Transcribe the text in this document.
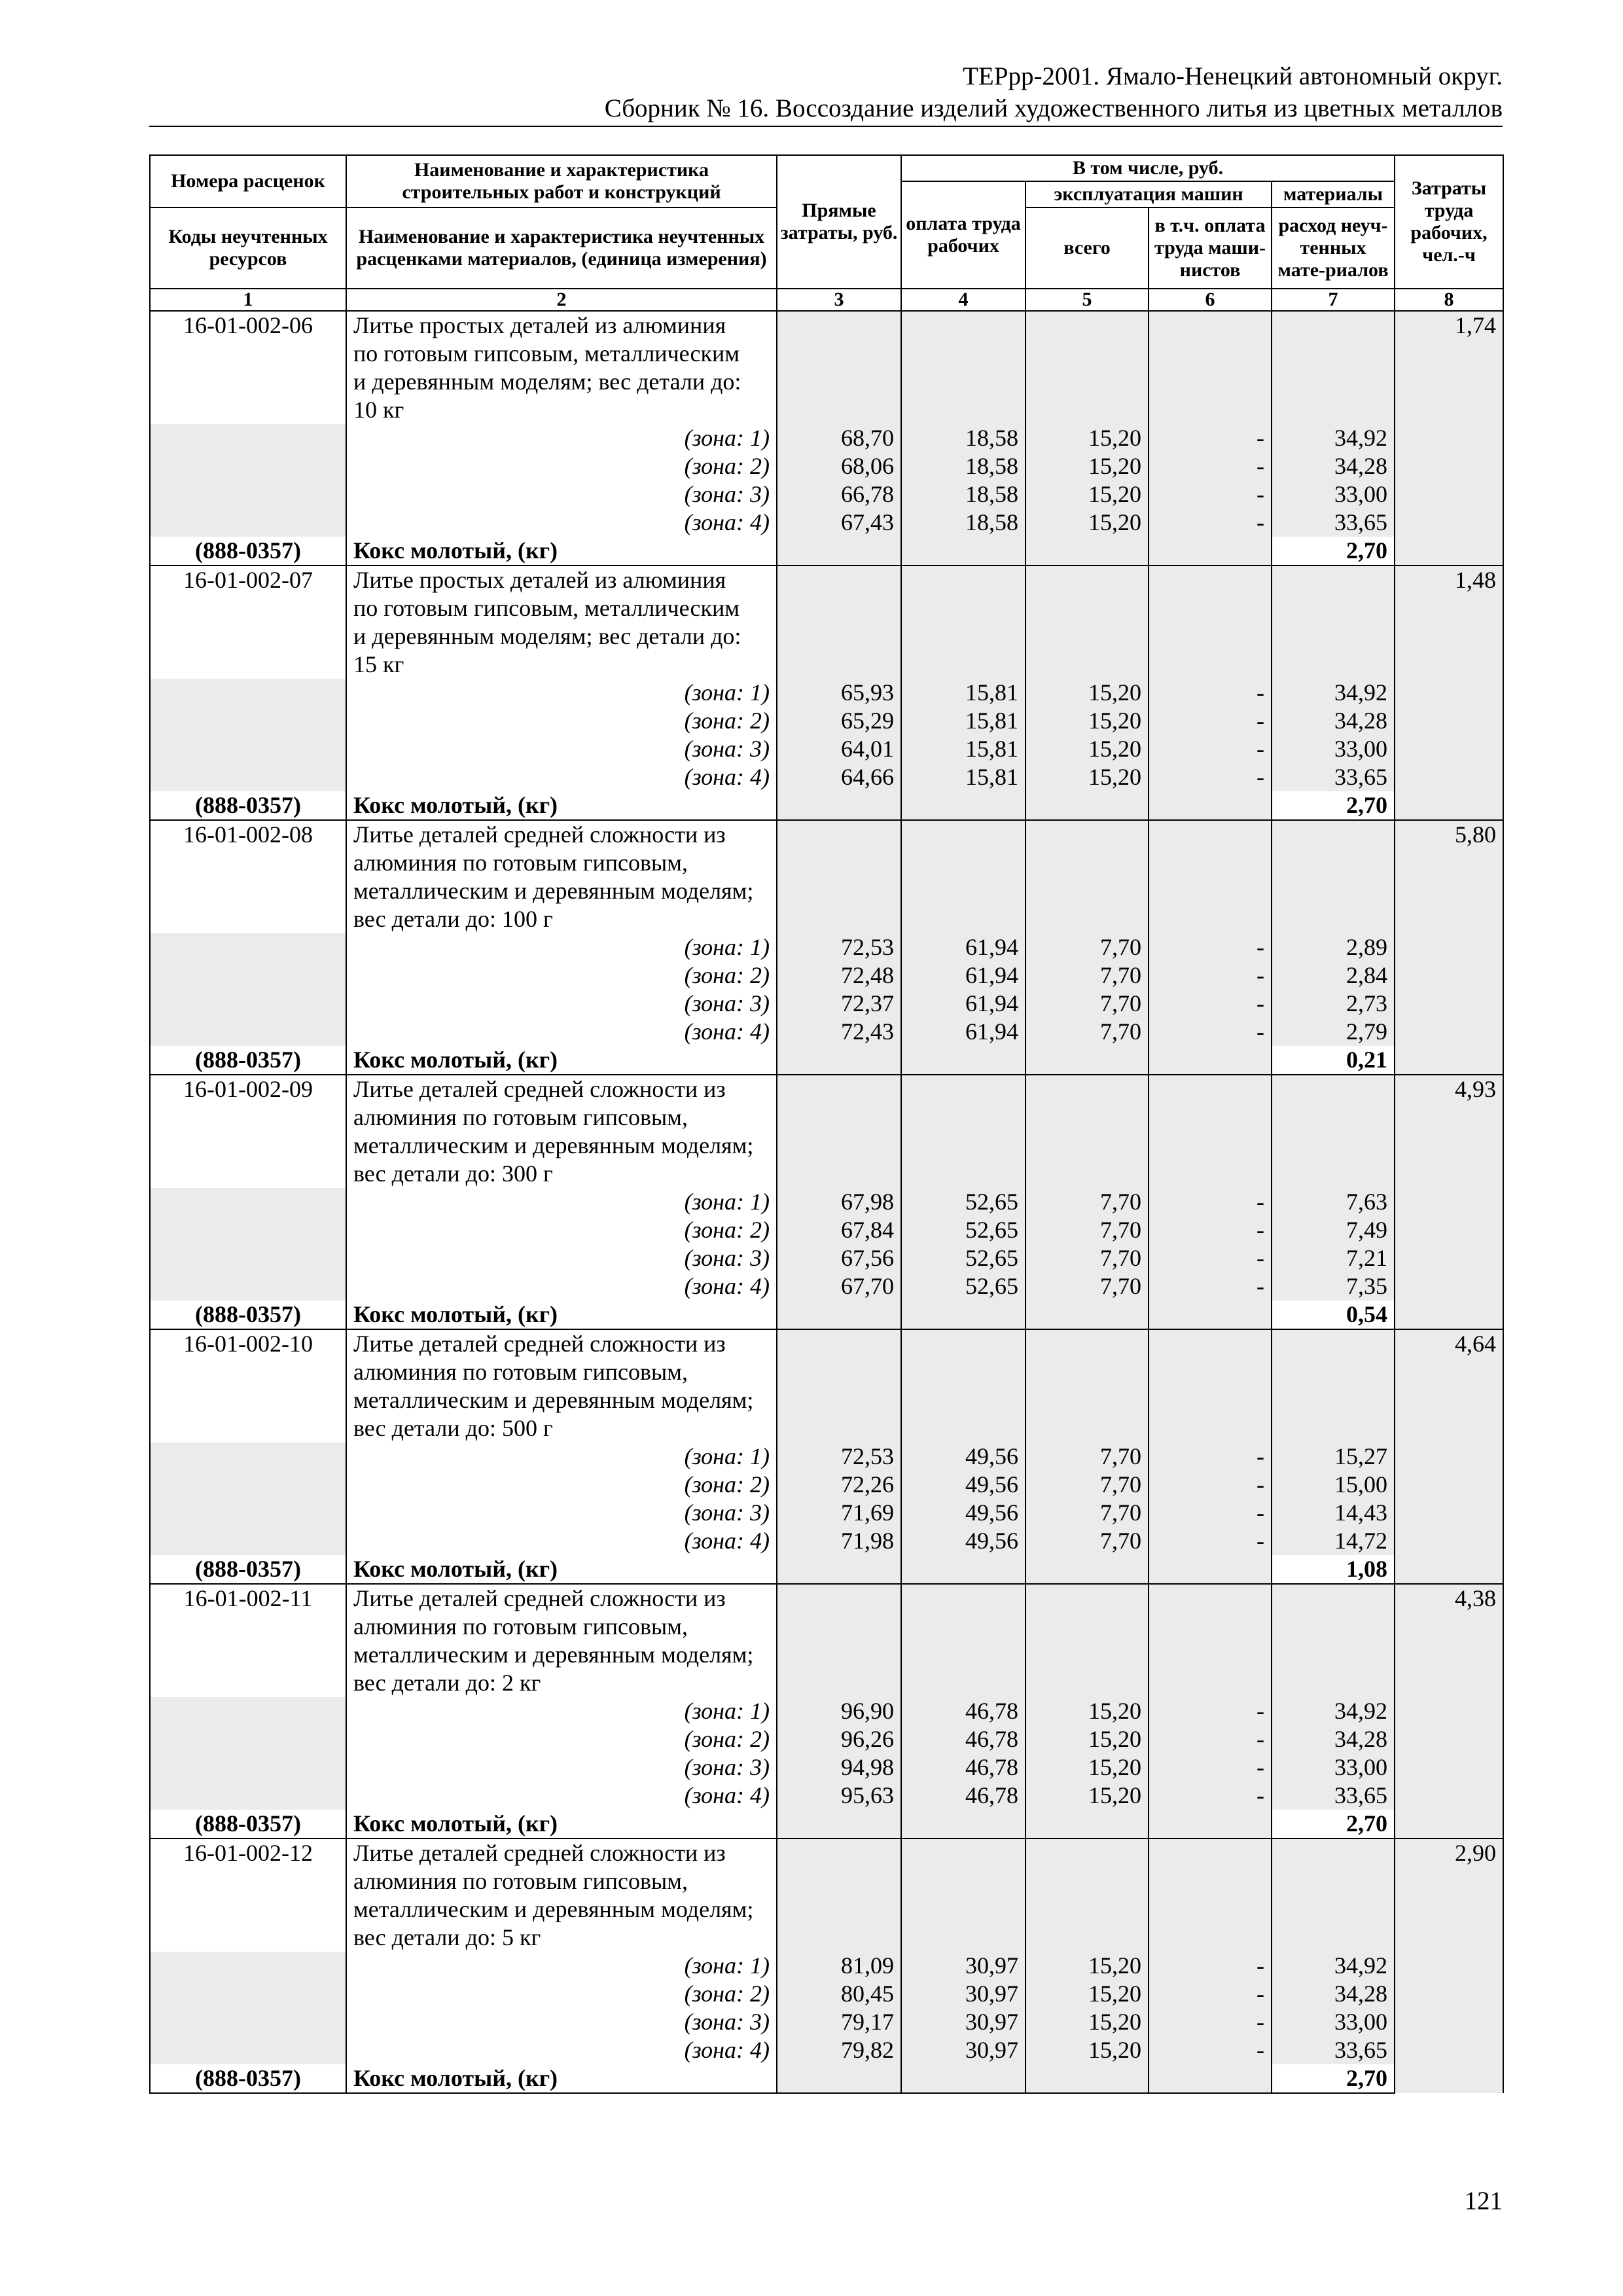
ТЕРрр-2001. Ямало-Ненецкий автономный округ.
Сборник № 16. Воссоздание изделий художественного литья из цветных металлов
Номера расценок	Наименование и характеристика строительных работ и конструкций	Прямые затраты, руб.	В том числе, руб.				Затраты труда рабочих, чел.-ч
			оплата труда рабочих	эксплуатация машин		материалы	
Коды неучтенных ресурсов	Наименование и характеристика неучтенных расценками материалов, (единица измерения)			всего	в т.ч. оплата труда маши-нистов	расход неуч-тенных мате-риалов	

1	2	3	4	5	6	7	8
16-01-002-06	Литье простых деталей из алюминия
по готовым гипсовым, металлическим
и деревянным моделям; вес детали до:
10 кг						1,74
	(зона: 1)	68,70	18,58	15,20	-	34,92	
	(зона: 2)	68,06	18,58	15,20	-	34,28	
	(зона: 3)	66,78	18,58	15,20	-	33,00	
	(зона: 4)	67,43	18,58	15,20	-	33,65	
(888-0357)	Кокс молотый, (кг)					2,70	
16-01-002-07	Литье простых деталей из алюминия
по готовым гипсовым, металлическим
и деревянным моделям; вес детали до:
15 кг						1,48
	(зона: 1)	65,93	15,81	15,20	-	34,92	
	(зона: 2)	65,29	15,81	15,20	-	34,28	
	(зона: 3)	64,01	15,81	15,20	-	33,00	
	(зона: 4)	64,66	15,81	15,20	-	33,65	
(888-0357)	Кокс молотый, (кг)					2,70	
16-01-002-08	Литье деталей средней сложности из
алюминия по готовым гипсовым,
металлическим и деревянным моделям;
вес детали до: 100 г						5,80
	(зона: 1)	72,53	61,94	7,70	-	2,89	
	(зона: 2)	72,48	61,94	7,70	-	2,84	
	(зона: 3)	72,37	61,94	7,70	-	2,73	
	(зона: 4)	72,43	61,94	7,70	-	2,79	
(888-0357)	Кокс молотый, (кг)					0,21	
16-01-002-09	Литье деталей средней сложности из
алюминия по готовым гипсовым,
металлическим и деревянным моделям;
вес детали до: 300 г						4,93
	(зона: 1)	67,98	52,65	7,70	-	7,63	
	(зона: 2)	67,84	52,65	7,70	-	7,49	
	(зона: 3)	67,56	52,65	7,70	-	7,21	
	(зона: 4)	67,70	52,65	7,70	-	7,35	
(888-0357)	Кокс молотый, (кг)					0,54	
16-01-002-10	Литье деталей средней сложности из
алюминия по готовым гипсовым,
металлическим и деревянным моделям;
вес детали до: 500 г						4,64
	(зона: 1)	72,53	49,56	7,70	-	15,27	
	(зона: 2)	72,26	49,56	7,70	-	15,00	
	(зона: 3)	71,69	49,56	7,70	-	14,43	
	(зона: 4)	71,98	49,56	7,70	-	14,72	
(888-0357)	Кокс молотый, (кг)					1,08	
16-01-002-11	Литье деталей средней сложности из
алюминия по готовым гипсовым,
металлическим и деревянным моделям;
вес детали до: 2 кг						4,38
	(зона: 1)	96,90	46,78	15,20	-	34,92	
	(зона: 2)	96,26	46,78	15,20	-	34,28	
	(зона: 3)	94,98	46,78	15,20	-	33,00	
	(зона: 4)	95,63	46,78	15,20	-	33,65	
(888-0357)	Кокс молотый, (кг)					2,70	
16-01-002-12	Литье деталей средней сложности из
алюминия по готовым гипсовым,
металлическим и деревянным моделям;
вес детали до: 5 кг						2,90
	(зона: 1)	81,09	30,97	15,20	-	34,92	
	(зона: 2)	80,45	30,97	15,20	-	34,28	
	(зона: 3)	79,17	30,97	15,20	-	33,00	
	(зона: 4)	79,82	30,97	15,20	-	33,65	
(888-0357)	Кокс молотый, (кг)					2,70	
121
